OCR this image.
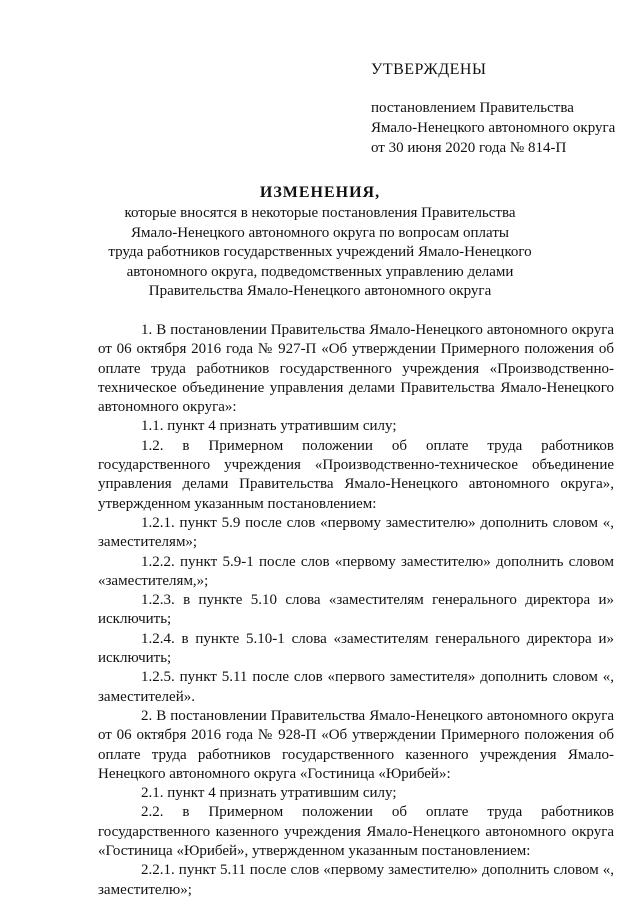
УТВЕРЖДЕНЫ
постановлением Правительства
Ямало-Ненецкого автономного округа
от 30 июня 2020 года № 814-П
ИЗМЕНЕНИЯ,
которые вносятся в некоторые постановления Правительства
Ямало-Ненецкого автономного округа по вопросам оплаты
труда работников государственных учреждений Ямало-Ненецкого
автономного округа, подведомственных управлению делами
Правительства Ямало-Ненецкого автономного округа

1. В постановлении Правительства Ямало-Ненецкого автономного округа от 06 октября 2016 года № 927-П «Об утверждении Примерного положения об оплате труда работников государственного учреждения «Производственно-техническое объединение управления делами Правительства Ямало-Ненецкого автономного округа»:

1.1. пункт 4 признать утратившим силу;

1.2. в Примерном положении об оплате труда работников государственного учреждения «Производственно-техническое объединение управления делами Правительства Ямало-Ненецкого автономного округа», утвержденном указанным постановлением:

1.2.1. пункт 5.9 после слов «первому заместителю» дополнить словом «, заместителям»;

1.2.2. пункт 5.9-1 после слов «первому заместителю» дополнить словом «заместителям,»;

1.2.3. в пункте 5.10 слова «заместителям генерального директора и» исключить;

1.2.4. в пункте 5.10-1 слова «заместителям генерального директора и» исключить;

1.2.5. пункт 5.11 после слов «первого заместителя» дополнить словом «, заместителей».

2. В постановлении Правительства Ямало-Ненецкого автономного округа от 06 октября 2016 года № 928-П «Об утверждении Примерного положения об оплате труда работников государственного казенного учреждения Ямало-Ненецкого автономного округа «Гостиница «Юрибей»:

2.1. пункт 4 признать утратившим силу;

2.2. в Примерном положении об оплате труда работников государственного казенного учреждения Ямало-Ненецкого автономного округа «Гостиница «Юрибей», утвержденном указанным постановлением:

2.2.1. пункт 5.11 после слов «первому заместителю» дополнить словом «, заместителю»;
